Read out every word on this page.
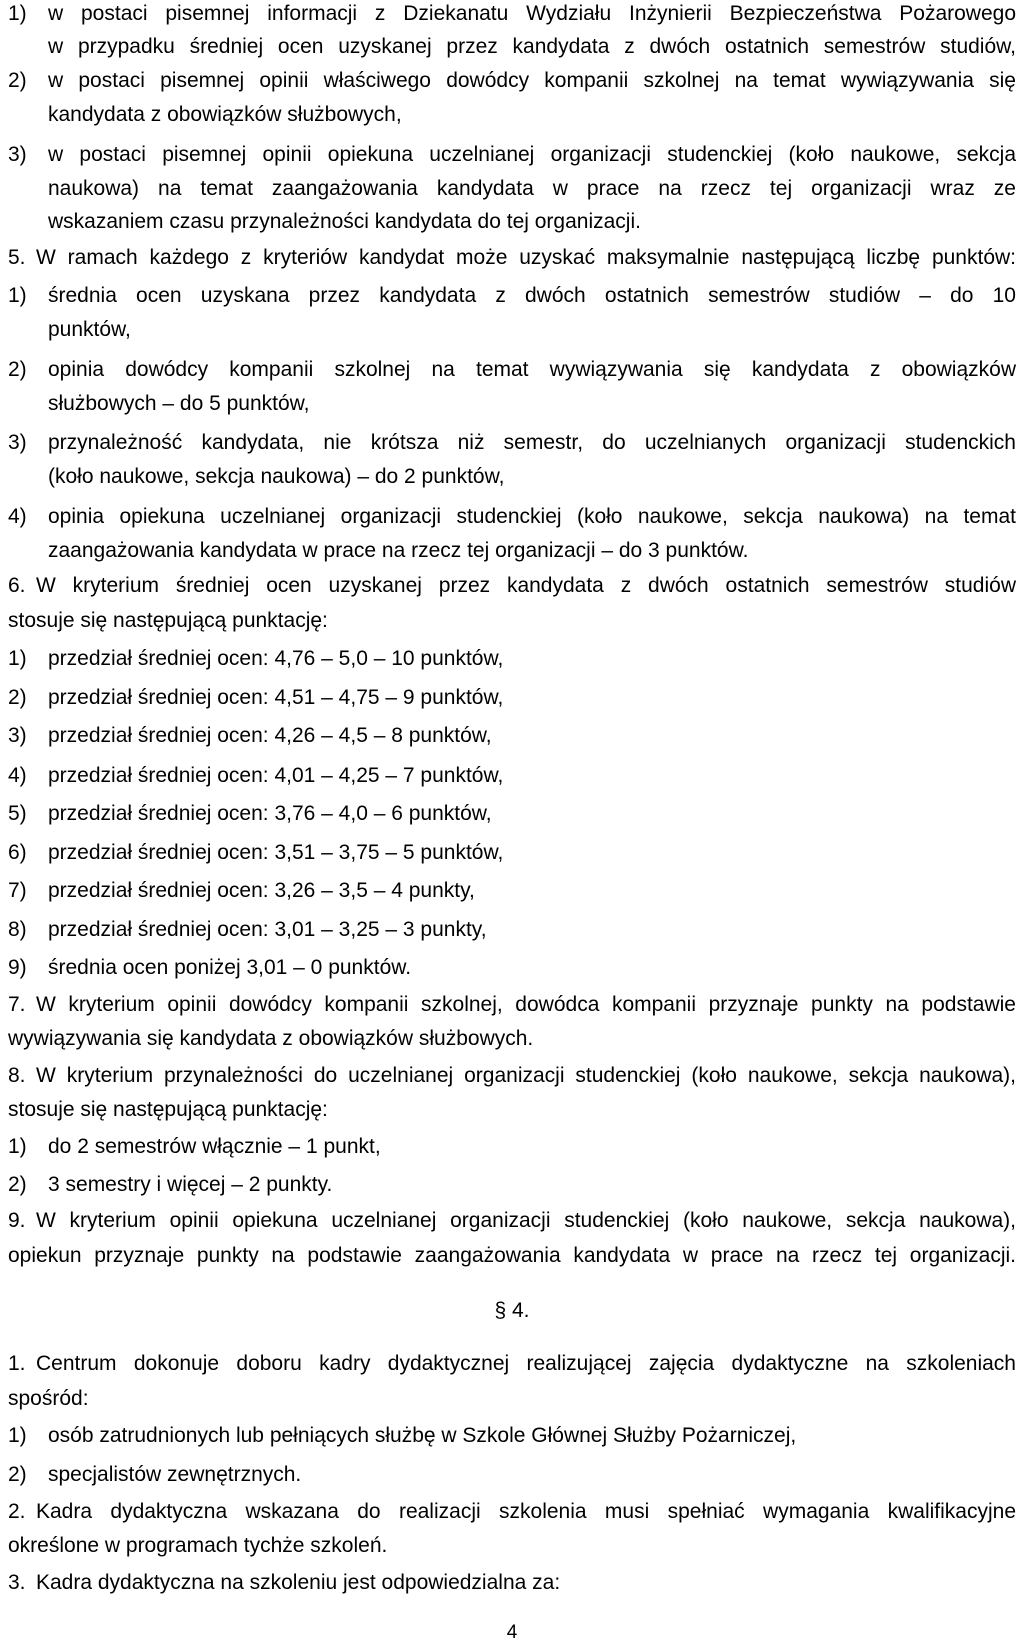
1) w postaci pisemnej informacji z Dziekanatu Wydziału Inżynierii Bezpieczeństwa Pożarowego
w przypadku średniej ocen uzyskanej przez kandydata z dwóch ostatnich semestrów studiów,
2) w postaci pisemnej opinii właściwego dowódcy kompanii szkolnej na temat wywiązywania się
kandydata z obowiązków służbowych,
3) w postaci pisemnej opinii opiekuna uczelnianej organizacji studenckiej (koło naukowe, sekcja
naukowa) na temat zaangażowania kandydata w prace na rzecz tej organizacji wraz ze
wskazaniem czasu przynależności kandydata do tej organizacji.
5. W ramach każdego z kryteriów kandydat może uzyskać maksymalnie następującą liczbę punktów:
1) średnia ocen uzyskana przez kandydata z dwóch ostatnich semestrów studiów – do 10
punktów,
2) opinia dowódcy kompanii szkolnej na temat wywiązywania się kandydata z obowiązków
służbowych – do 5 punktów,
3) przynależność kandydata, nie krótsza niż semestr, do uczelnianych organizacji studenckich
(koło naukowe, sekcja naukowa) – do 2 punktów,
4) opinia opiekuna uczelnianej organizacji studenckiej (koło naukowe, sekcja naukowa) na temat
zaangażowania kandydata w prace na rzecz tej organizacji – do 3 punktów.
6. W kryterium średniej ocen uzyskanej przez kandydata z dwóch ostatnich semestrów studiów
stosuje się następującą punktację:
1) przedział średniej ocen: 4,76 – 5,0 – 10 punktów,
2) przedział średniej ocen: 4,51 – 4,75 – 9 punktów,
3) przedział średniej ocen: 4,26 – 4,5 – 8 punktów,
4) przedział średniej ocen: 4,01 – 4,25 – 7 punktów,
5) przedział średniej ocen: 3,76 – 4,0 – 6 punktów,
6) przedział średniej ocen: 3,51 – 3,75 – 5 punktów,
7) przedział średniej ocen: 3,26 – 3,5 – 4 punkty,
8) przedział średniej ocen: 3,01 – 3,25 – 3 punkty,
9) średnia ocen poniżej 3,01 – 0 punktów.
7. W kryterium opinii dowódcy kompanii szkolnej, dowódca kompanii przyznaje punkty na podstawie
wywiązywania się kandydata z obowiązków służbowych.
8. W kryterium przynależności do uczelnianej organizacji studenckiej (koło naukowe, sekcja naukowa),
stosuje się następującą punktację:
1) do 2 semestrów włącznie – 1 punkt,
2) 3 semestry i więcej – 2 punkty.
9. W kryterium opinii opiekuna uczelnianej organizacji studenckiej (koło naukowe, sekcja naukowa),
opiekun przyznaje punkty na podstawie zaangażowania kandydata w prace na rzecz tej organizacji.
1. Centrum dokonuje doboru kadry dydaktycznej realizującej zajęcia dydaktyczne na szkoleniach
spośród:
1) osób zatrudnionych lub pełniących służbę w Szkole Głównej Służby Pożarniczej,
2) specjalistów zewnętrznych.
2. Kadra dydaktyczna wskazana do realizacji szkolenia musi spełniać wymagania kwalifikacyjne
określone w programach tychże szkoleń.
3. Kadra dydaktyczna na szkoleniu jest odpowiedzialna za:
§ 4.
4
